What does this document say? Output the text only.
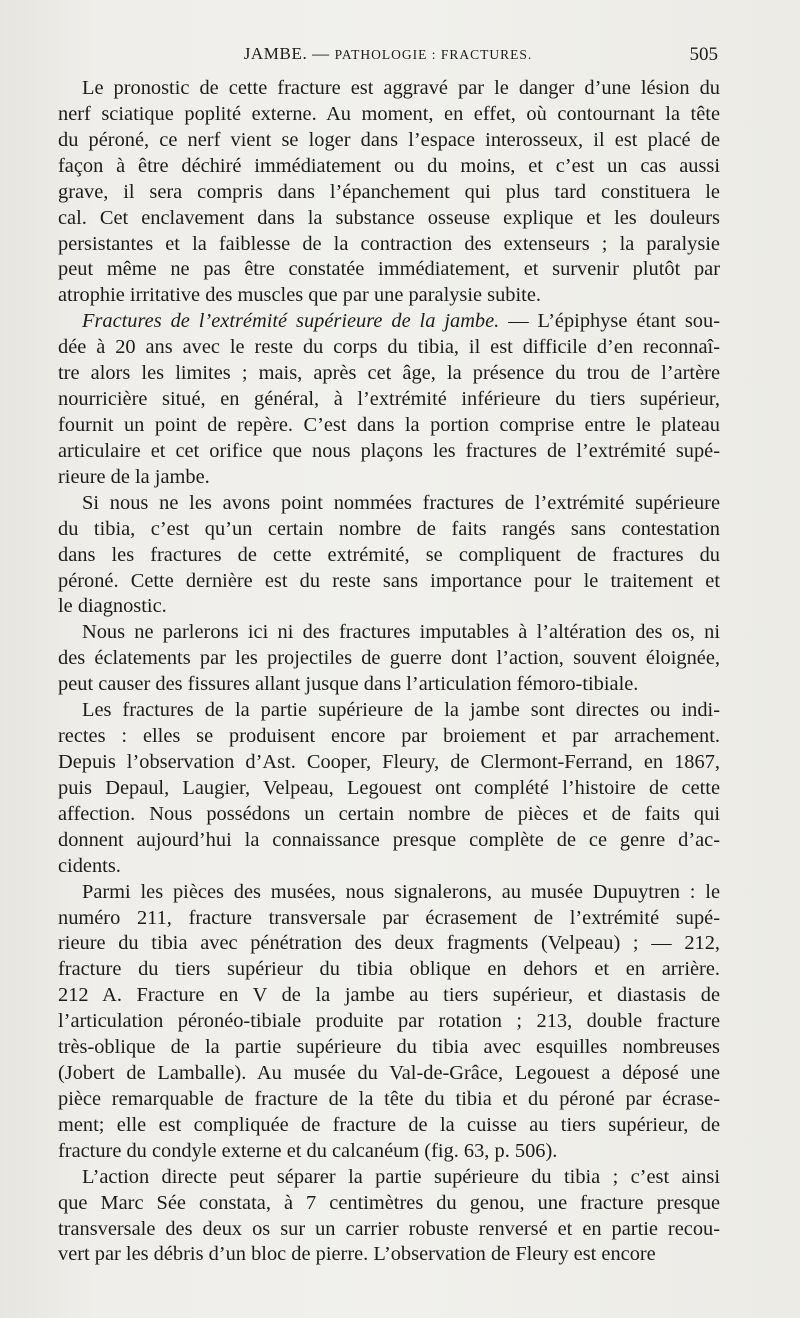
JAMBE. — PATHOLOGIE : FRACTURES.	505
Le pronostic de cette fracture est aggravé par le danger d’une lésion du
nerf sciatique poplité externe. Au moment, en effet, où contournant la tête
du péroné, ce nerf vient se loger dans l’espace interosseux, il est placé de
façon à être déchiré immédiatement ou du moins, et c’est un cas aussi
grave, il sera compris dans l’épanchement qui plus tard constituera le
cal. Cet enclavement dans la substance osseuse explique et les douleurs
persistantes et la faiblesse de la contraction des extenseurs ; la paralysie
peut même ne pas être constatée immédiatement, et survenir plutôt par
atrophie irritative des muscles que par une paralysie subite.
Fractures de l’extrémité supérieure de la jambe. — L’épiphyse étant sou-
dée à 20 ans avec le reste du corps du tibia, il est difficile d’en reconnaî-
tre alors les limites ; mais, après cet âge, la présence du trou de l’artère
nourricière situé, en général, à l’extrémité inférieure du tiers supérieur,
fournit un point de repère. C’est dans la portion comprise entre le plateau
articulaire et cet orifice que nous plaçons les fractures de l’extrémité supé-
rieure de la jambe.
Si nous ne les avons point nommées fractures de l’extrémité supérieure
du tibia, c’est qu’un certain nombre de faits rangés sans contestation
dans les fractures de cette extrémité, se compliquent de fractures du
péroné. Cette dernière est du reste sans importance pour le traitement et
le diagnostic.
Nous ne parlerons ici ni des fractures imputables à l’altération des os, ni
des éclatements par les projectiles de guerre dont l’action, souvent éloignée,
peut causer des fissures allant jusque dans l’articulation fémoro-tibiale.
Les fractures de la partie supérieure de la jambe sont directes ou indi-
rectes : elles se produisent encore par broiement et par arrachement.
Depuis l’observation d’Ast. Cooper, Fleury, de Clermont-Ferrand, en 1867,
puis Depaul, Laugier, Velpeau, Legouest ont complété l’histoire de cette
affection. Nous possédons un certain nombre de pièces et de faits qui
donnent aujourd’hui la connaissance presque complète de ce genre d’ac-
cidents.
Parmi les pièces des musées, nous signalerons, au musée Dupuytren : le
numéro 211, fracture transversale par écrasement de l’extrémité supé-
rieure du tibia avec pénétration des deux fragments (Velpeau) ; — 212,
fracture du tiers supérieur du tibia oblique en dehors et en arrière.
212 A. Fracture en V de la jambe au tiers supérieur, et diastasis de
l’articulation péronéo-tibiale produite par rotation ; 213, double fracture
très-oblique de la partie supérieure du tibia avec esquilles nombreuses
(Jobert de Lamballe). Au musée du Val-de-Grâce, Legouest a déposé une
pièce remarquable de fracture de la tête du tibia et du péroné par écrase-
ment; elle est compliquée de fracture de la cuisse au tiers supérieur, de
fracture du condyle externe et du calcanéum (fig. 63, p. 506).
L’action directe peut séparer la partie supérieure du tibia ; c’est ainsi
que Marc Sée constata, à 7 centimètres du genou, une fracture presque
transversale des deux os sur un carrier robuste renversé et en partie recou-
vert par les débris d’un bloc de pierre. L’observation de Fleury est encore
